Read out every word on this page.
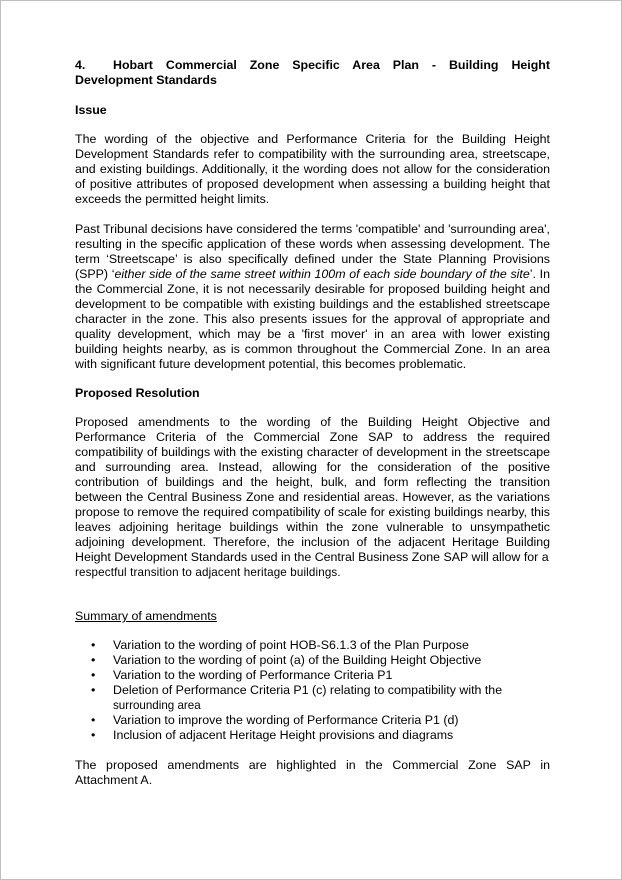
4. Hobart Commercial Zone Specific Area Plan - Building Height Development Standards
Issue

The wording of the objective and Performance Criteria for the Building Height Development Standards refer to compatibility with the surrounding area, streetscape, and existing buildings. Additionally, it the wording does not allow for the consideration of positive attributes of proposed development when assessing a building height that exceeds the permitted height limits.

Past Tribunal decisions have considered the terms 'compatible' and 'surrounding area', resulting in the specific application of these words when assessing development. The term ‘Streetscape’ is also specifically defined under the State Planning Provisions (SPP) ‘either side of the same street within 100m of each side boundary of the site’. In the Commercial Zone, it is not necessarily desirable for proposed building height and development to be compatible with existing buildings and the established streetscape character in the zone. This also presents issues for the approval of appropriate and quality development, which may be a 'first mover' in an area with lower existing building heights nearby, as is common throughout the Commercial Zone. In an area with significant future development potential, this becomes problematic.

Proposed Resolution

Proposed amendments to the wording of the Building Height Objective and Performance Criteria of the Commercial Zone SAP to address the required compatibility of buildings with the existing character of development in the streetscape and surrounding area. Instead, allowing for the consideration of the positive contribution of buildings and the height, bulk, and form reflecting the transition between the Central Business Zone and residential areas. However, as the variations propose to remove the required compatibility of scale for existing buildings nearby, this leaves adjoining heritage buildings within the zone vulnerable to unsympathetic adjoining development. Therefore, the inclusion of the adjacent Heritage Building Height Development Standards used in the Central Business Zone SAP will allow for a
respectful transition to adjacent heritage buildings.

Summary of amendments
•	Variation to the wording of point HOB-S6.1.3 of the Plan Purpose
•	Variation to the wording of point (a) of the Building Height Objective
•	Variation to the wording of Performance Criteria P1
•	Deletion of Performance Criteria P1 (c) relating to compatibility with the
surrounding area
•	Variation to improve the wording of Performance Criteria P1 (d)
•	Inclusion of adjacent Heritage Height provisions and diagrams

The proposed amendments are highlighted in the Commercial Zone SAP in Attachment A.
